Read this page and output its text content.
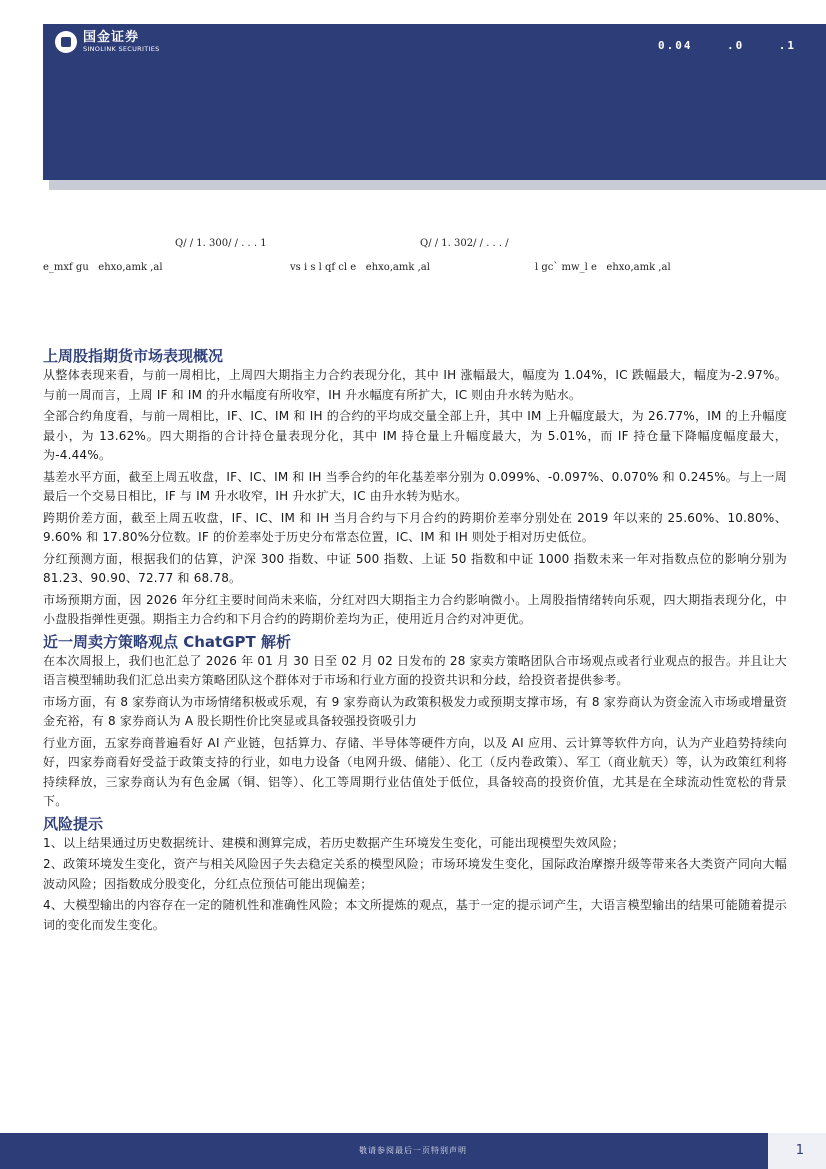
国金证券
SINOLINK SECURITIES	0.04    .0    .1
Q/ / 1. 300/ / . . . 1	Q/ / 1. 302/ / . . . /
e_mxf gu   ehxo,amk ,al	vs i s l qf cl e   ehxo,amk ,al	l gc` mw_l e   ehxo,amk ,al
上周股指期货市场表现概况

从整体表现来看，与前一周相比，上周四大期指主力合约表现分化，其中 IH 涨幅最大，幅度为 1.04%，IC 跌幅最大，幅度为-2.97%。与前一周而言，上周 IF 和 IM 的升水幅度有所收窄，IH 升水幅度有所扩大，IC 则由升水转为贴水。

全部合约角度看，与前一周相比，IF、IC、IM 和 IH 的合约的平均成交量全部上升，其中 IM 上升幅度最大，为 26.77%，IM 的上升幅度最小，为 13.62%。四大期指的合计持仓量表现分化，其中 IM 持仓量上升幅度最大，为 5.01%，而 IF 持仓量下降幅度幅度最大，为-4.44%。

基差水平方面，截至上周五收盘，IF、IC、IM 和 IH 当季合约的年化基差率分别为 0.099%、-0.097%、0.070% 和 0.245%。与上一周最后一个交易日相比，IF 与 IM 升水收窄，IH 升水扩大，IC 由升水转为贴水。

跨期价差方面，截至上周五收盘，IF、IC、IM 和 IH 当月合约与下月合约的跨期价差率分别处在 2019 年以来的 25.60%、10.80%、9.60% 和 17.80%分位数。IF 的价差率处于历史分布常态位置，IC、IM 和 IH 则处于相对历史低位。

分红预测方面，根据我们的估算，沪深 300 指数、中证 500 指数、上证 50 指数和中证 1000 指数未来一年对指数点位的影响分别为 81.23、90.90、72.77 和 68.78。

市场预期方面，因 2026 年分红主要时间尚未来临，分红对四大期指主力合约影响微小。上周股指情绪转向乐观，四大期指表现分化，中小盘股指弹性更强。期指主力合约和下月合约的跨期价差均为正，使用近月合约对冲更优。

近一周卖方策略观点 ChatGPT 解析

在本次周报上，我们也汇总了 2026 年 01 月 30 日至 02 月 02 日发布的 28 家卖方策略团队合市场观点或者行业观点的报告。并且让大语言模型辅助我们汇总出卖方策略团队这个群体对于市场和行业方面的投资共识和分歧，给投资者提供参考。

市场方面，有 8 家券商认为市场情绪积极或乐观，有 9 家券商认为政策积极发力或预期支撑市场，有 8 家券商认为资金流入市场或增量资金充裕，有 8 家券商认为 A 股长期性价比突显或具备较强投资吸引力

行业方面，五家券商普遍看好 AI 产业链，包括算力、存储、半导体等硬件方向，以及 AI 应用、云计算等软件方向，认为产业趋势持续向好，四家券商看好受益于政策支持的行业，如电力设备（电网升级、储能）、化工（反内卷政策）、军工（商业航天）等，认为政策红利将持续释放，三家券商认为有色金属（铜、铝等）、化工等周期行业估值处于低位，具备较高的投资价值，尤其是在全球流动性宽松的背景下。

风险提示

1、以上结果通过历史数据统计、建模和测算完成，若历史数据产生环境发生变化，可能出现模型失效风险；

2、政策环境发生变化，资产与相关风险因子失去稳定关系的模型风险；市场环境发生变化，国际政治摩擦升级等带来各大类资产同向大幅波动风险；因指数成分股变化，分红点位预估可能出现偏差；

4、大模型输出的内容存在一定的随机性和准确性风险；本文所提炼的观点，基于一定的提示词产生，大语言模型输出的结果可能随着提示词的变化而发生变化。

敬请参阅最后一页特别声明	1
